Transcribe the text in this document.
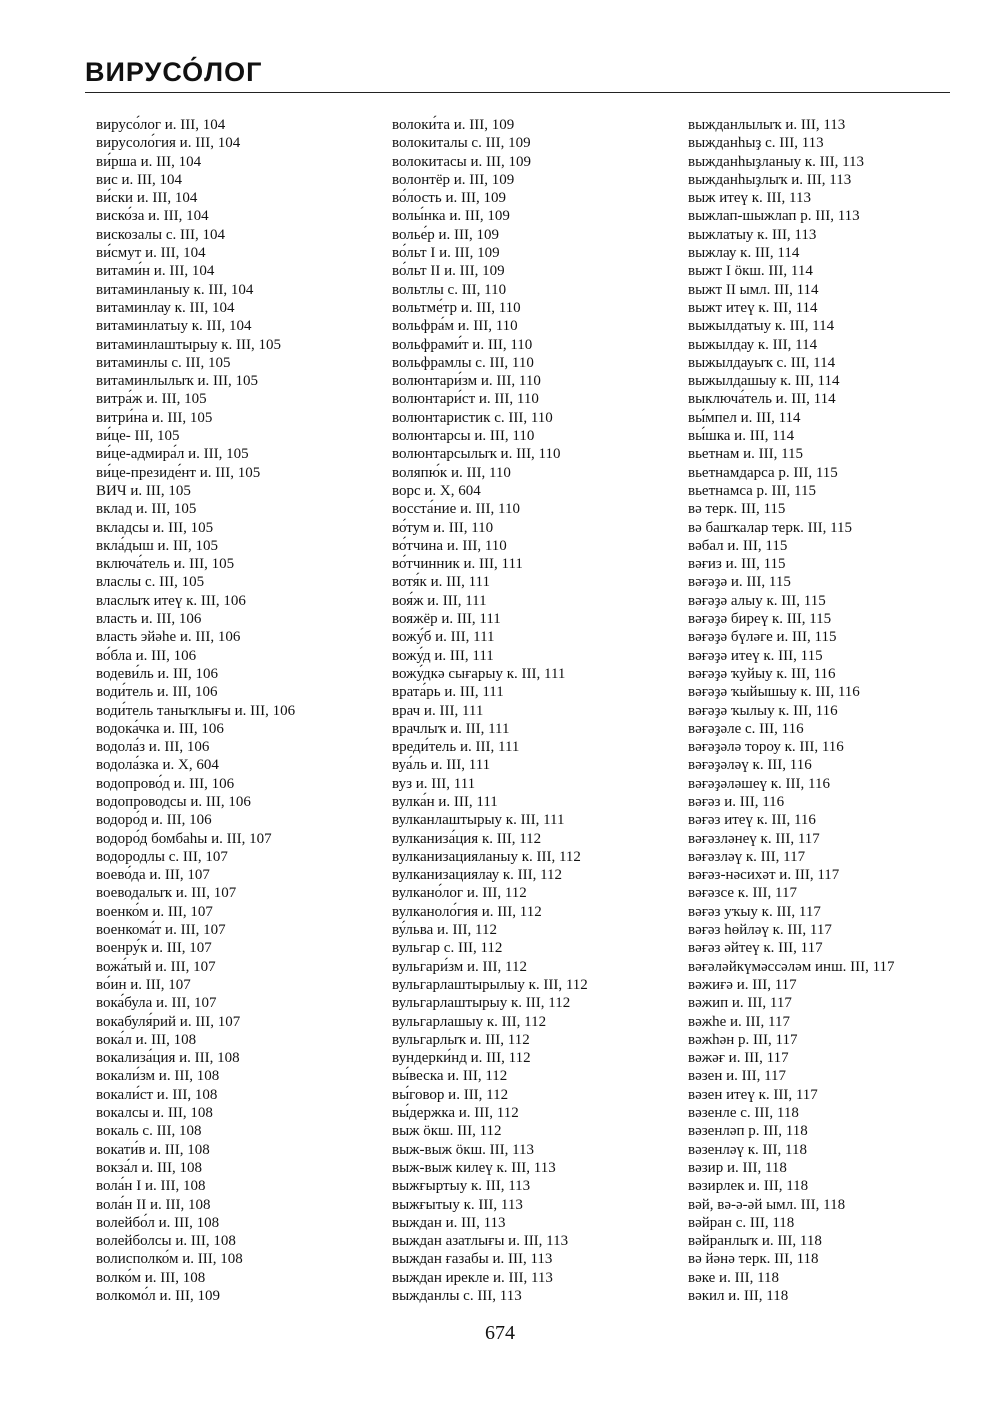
ВИРУСО́ЛОГ
вирусо́лог и. III, 104
вирусоло́гия и. III, 104
ви́рша и. III, 104
вис и. III, 104
ви́ски и. III, 104
виско́за и. III, 104
вискозалы с. III, 104
ви́смут и. III, 104
витами́н и. III, 104
витаминланыу к. III, 104
витаминлау к. III, 104
витаминлатыу к. III, 104
витаминлаштырыу к. III, 105
витаминлы с. III, 105
витаминлылыҡ и. III, 105
витра́ж и. III, 105
витри́на и. III, 105
ви́це- III, 105
ви́це-адмира́л и. III, 105
ви́це-президе́нт и. III, 105
ВИЧ и. III, 105
вклад и. III, 105
вкладсы и. III, 105
вкла́дыш и. III, 105
включа́тель и. III, 105
власлы с. III, 105
власлыҡ итеү к. III, 106
власть и. III, 106
власть эйәһе и. III, 106
во́бла и. III, 106
водеви́ль и. III, 106
води́тель и. III, 106
води́тель таныҡлығы и. III, 106
водока́чка и. III, 106
водола́з и. III, 106
водола́зка и. X, 604
водопрово́д и. III, 106
водопроводсы и. III, 106
водоро́д и. III, 106
водоро́д бомбаһы и. III, 107
водородлы с. III, 107
воево́да и. III, 107
воеводалыҡ и. III, 107
военко́м и. III, 107
военкома́т и. III, 107
военру́к и. III, 107
вожа́тый и. III, 107
во́ин и. III, 107
вока́була и. III, 107
вокабуля́рий и. III, 107
вока́л и. III, 108
вокализа́ция и. III, 108
вокали́зм и. III, 108
вокали́ст и. III, 108
вокалсы и. III, 108
вокаль с. III, 108
вокати́в и. III, 108
вокза́л и. III, 108
вола́н I и. III, 108
вола́н II и. III, 108
волейбо́л и. III, 108
волейболсы и. III, 108
волисполко́м и. III, 108
волко́м и. III, 108
волкомо́л и. III, 109
волоки́та и. III, 109
волокиталы с. III, 109
волокитасы и. III, 109
волонтёр и. III, 109
во́лость и. III, 109
волы́нка и. III, 109
волье́р и. III, 109
во́льт I и. III, 109
во́льт II и. III, 109
вольтлы с. III, 110
вольтме́тр и. III, 110
вольфра́м и. III, 110
вольфрами́т и. III, 110
вольфрамлы с. III, 110
волюнтари́зм и. III, 110
волюнтари́ст и. III, 110
волюнтаристик с. III, 110
волюнтарсы и. III, 110
волюнтарсылыҡ и. III, 110
воляпю́к и. III, 110
ворс и. X, 604
восста́ние и. III, 110
во́тум и. III, 110
во́тчина и. III, 110
во́тчинник и. III, 111
вотя́к и. III, 111
воя́ж и. III, 111
вояжёр и. III, 111
вожу́б и. III, 111
вожу́д и. III, 111
вожу́дкә сығарыу к. III, 111
врата́рь и. III, 111
врач и. III, 111
врачлыҡ и. III, 111
вреди́тель и. III, 111
вуа́ль и. III, 111
вуз и. III, 111
вулка́н и. III, 111
вулканлаштырыу к. III, 111
вулканиза́ция к. III, 112
вулканизацияланыу к. III, 112
вулканизациялау к. III, 112
вулкано́лог и. III, 112
вулканоло́гия и. III, 112
ву́льва и. III, 112
вульгар с. III, 112
вульгари́зм и. III, 112
вульгарлаштырылыу к. III, 112
вульгарлаштырыу к. III, 112
вульгарлашыу к. III, 112
вульгарлыҡ и. III, 112
вундерки́нд и. III, 112
вы́веска и. III, 112
вы́говор и. III, 112
вы́держка и. III, 112
выж ӧкш. III, 112
выж-выж ӧкш. III, 113
выж-выж килеү к. III, 113
выжғыртыу к. III, 113
выжғытыу к. III, 113
выждан и. III, 113
выждан азатлығы и. III, 113
выждан ғазабы и. III, 113
выждан ирекле и. III, 113
выжданлы с. III, 113
выжданлылыҡ и. III, 113
выжданһыҙ с. III, 113
выжданһыҙланыу к. III, 113
выжданһыҙлыҡ и. III, 113
выж итеү к. III, 113
выжлап-шыжлап р. III, 113
выжлатыу к. III, 113
выжлау к. III, 114
выжт I ӧкш. III, 114
выжт II ымл. III, 114
выжт итеү к. III, 114
выжылдатыу к. III, 114
выжылдау к. III, 114
выжылдауыҡ с. III, 114
выжылдашыу к. III, 114
выключа́тель и. III, 114
вы́мпел и. III, 114
вы́шка и. III, 114
вьетнам и. III, 115
вьетнамдарса р. III, 115
вьетнамса р. III, 115
вә терк. III, 115
вә башҡалар терк. III, 115
вәбал и. III, 115
вәғиз и. III, 115
вәғәҙә и. III, 115
вәғәҙә алыу к. III, 115
вәғәҙә биреү к. III, 115
вәғәҙә бүләге и. III, 115
вәғәҙә итеү к. III, 115
вәғәҙә ҡуйыу к. III, 116
вәғәҙә ҡыйышыу к. III, 116
вәғәҙә ҡылыу к. III, 116
вәғәҙәле с. III, 116
вәғәҙәлә тороу к. III, 116
вәғәҙәләү к. III, 116
вәғәҙәләшеү к. III, 116
вәғәз и. III, 116
вәғәз итеү к. III, 116
вәғәзләнеү к. III, 117
вәғәзләү к. III, 117
вәғәз-нәсихәт и. III, 117
вәғәзсе к. III, 117
вәғәз уҡыу к. III, 117
вәғәз һөйләү к. III, 117
вәғәз әйтеү к. III, 117
вәғәләйкүмәссәләм инш. III, 117
вәжиғә и. III, 117
вәжип и. III, 117
вәжһе и. III, 117
вәжһән р. III, 117
вәжәғ и. III, 117
вәзен и. III, 117
вәзен итеү к. III, 117
вәзенле с. III, 118
вәзенләп р. III, 118
вәзенләү к. III, 118
вәзир и. III, 118
вәзирлек и. III, 118
вәй, вә-ә-әй ымл. III, 118
вәйран с. III, 118
вәйранлыҡ и. III, 118
вә йәнә терк. III, 118
вәке и. III, 118
вәкил и. III, 118
674
